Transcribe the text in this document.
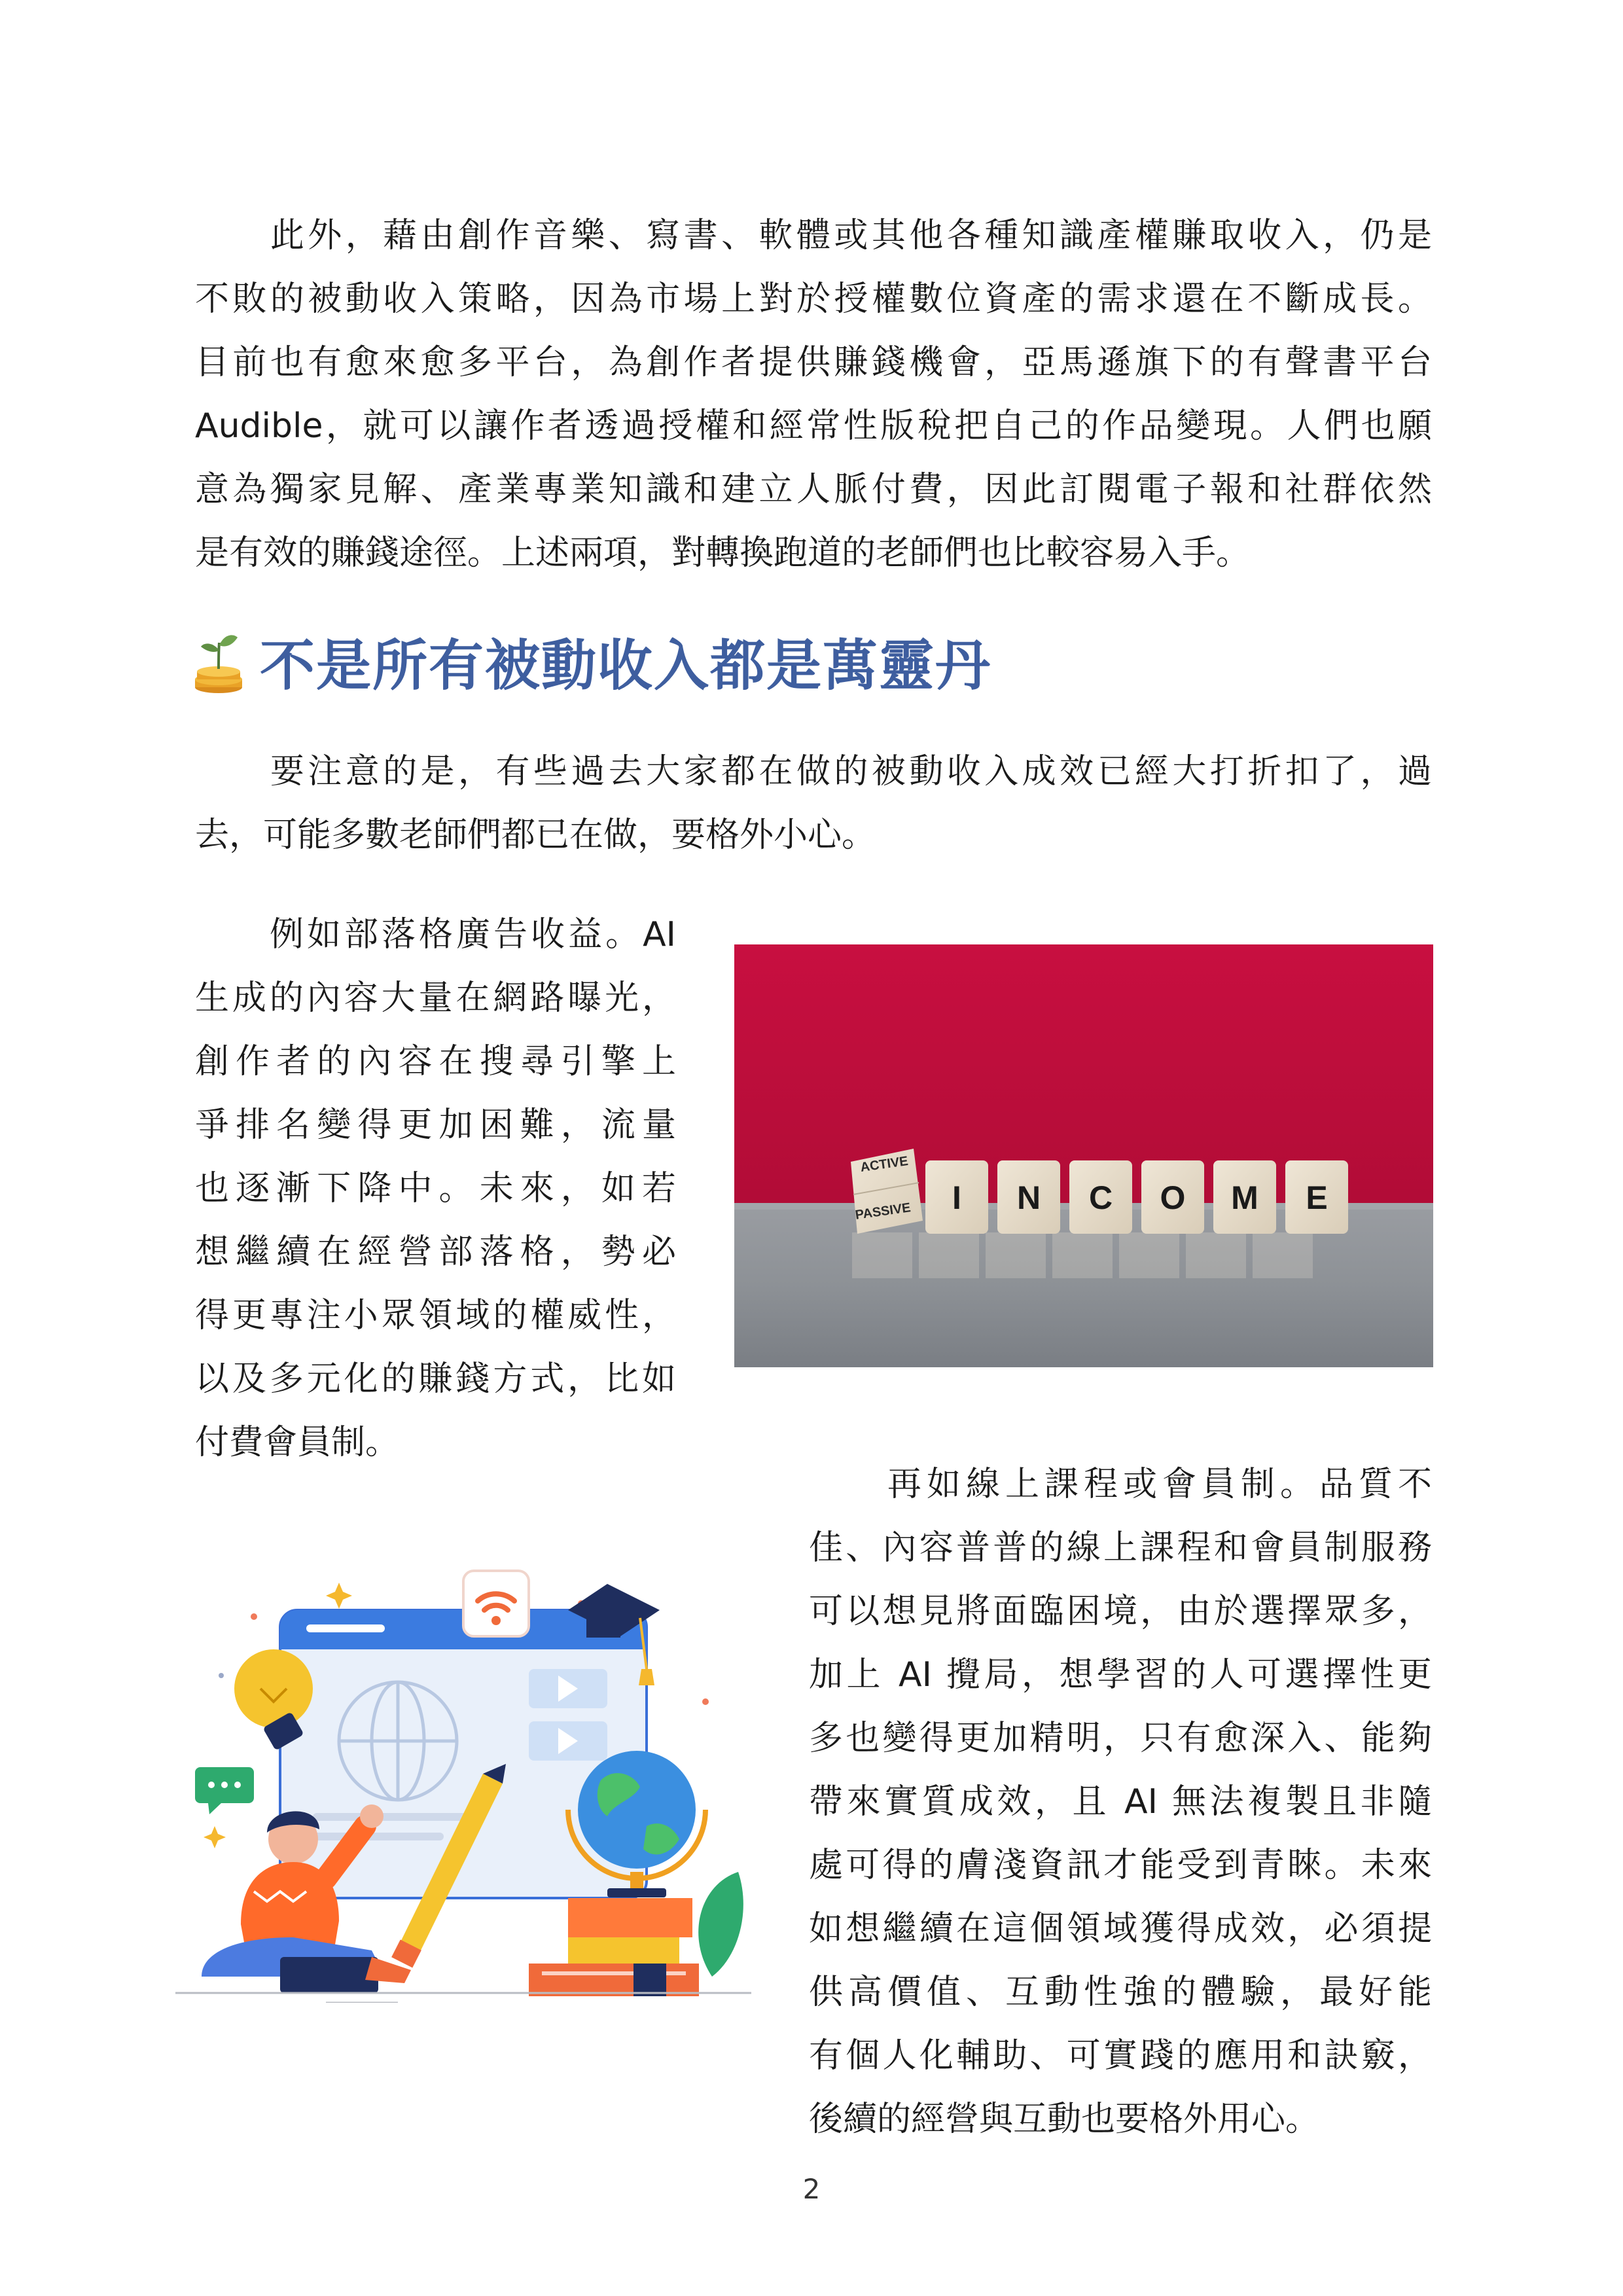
　　此外，藉由創作音樂、寫書、軟體或其他各種知識產權賺取收入，仍是
不敗的被動收入策略，因為市場上對於授權數位資產的需求還在不斷成長。
目前也有愈來愈多平台，為創作者提供賺錢機會，亞馬遜旗下的有聲書平台
Audible，就可以讓作者透過授權和經常性版稅把自己的作品變現。人們也願
意為獨家見解、產業專業知識和建立人脈付費，因此訂閱電子報和社群依然
是有效的賺錢途徑。上述兩項，對轉換跑道的老師們也比較容易入手。
不是所有被動收入都是萬靈丹
　　要注意的是，有些過去大家都在做的被動收入成效已經大打折扣了，過
去，可能多數老師們都已在做，要格外小心。
　　例如部落格廣告收益。AI
生成的內容大量在網路曝光，
創作者的內容在搜尋引擎上
爭排名變得更加困難，流量
也逐漸下降中。未來，如若
想繼續在經營部落格，勢必
得更專注小眾領域的權威性，
以及多元化的賺錢方式，比如
付費會員制。
ACTIVE
PASSIVE I N C O M E
　　再如線上課程或會員制。品質不
佳、內容普普的線上課程和會員制服務
可以想見將面臨困境，由於選擇眾多，
加上 AI 攪局，想學習的人可選擇性更
多也變得更加精明，只有愈深入、能夠
帶來實質成效，且 AI 無法複製且非隨
處可得的膚淺資訊才能受到青睞。未來
如想繼續在這個領域獲得成效，必須提
供高價值、互動性強的體驗，最好能
有個人化輔助、可實踐的應用和訣竅，
後續的經營與互動也要格外用心。
2
